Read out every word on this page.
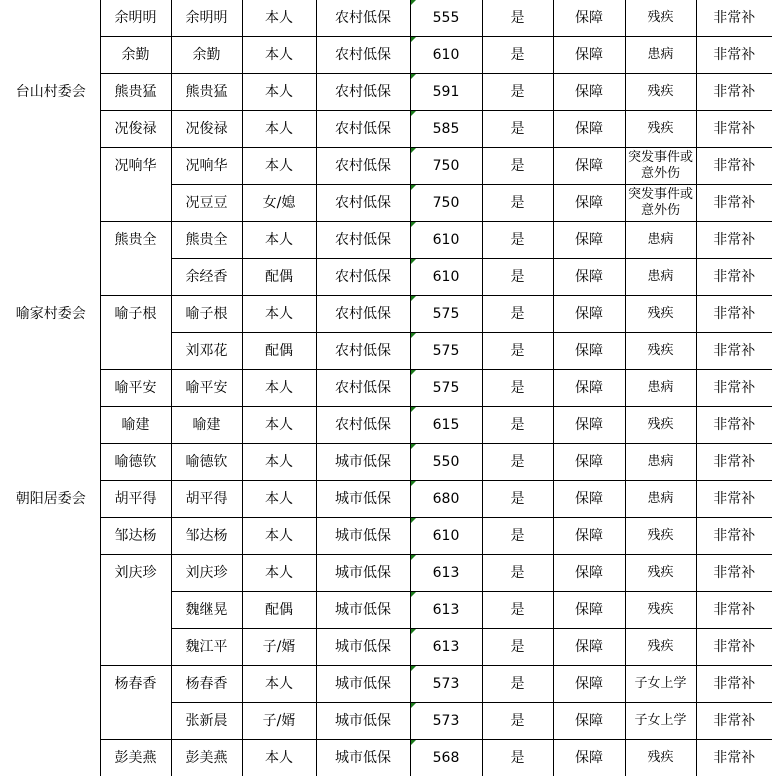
	余明明	余明明	本人	农村低保	555	是	保障	残疾	非常补
	余勤	余勤	本人	农村低保	610	是	保障	患病	非常补
台山村委会	熊贵猛	熊贵猛	本人	农村低保	591	是	保障	残疾	非常补
	况俊禄	况俊禄	本人	农村低保	585	是	保障	残疾	非常补
	况响华	况响华	本人	农村低保	750	是	保障	突发事件或意外伤	非常补
		况豆豆	女/媳	农村低保	750	是	保障	突发事件或意外伤	非常补
	熊贵全	熊贵全	本人	农村低保	610	是	保障	患病	非常补
		余经香	配偶	农村低保	610	是	保障	患病	非常补
喻家村委会	喻子根	喻子根	本人	农村低保	575	是	保障	残疾	非常补
		刘邓花	配偶	农村低保	575	是	保障	残疾	非常补
	喻平安	喻平安	本人	农村低保	575	是	保障	患病	非常补
	喻建	喻建	本人	农村低保	615	是	保障	残疾	非常补
	喻德钦	喻德钦	本人	城市低保	550	是	保障	患病	非常补
朝阳居委会	胡平得	胡平得	本人	城市低保	680	是	保障	患病	非常补
	邹达杨	邹达杨	本人	城市低保	610	是	保障	残疾	非常补
	刘庆珍	刘庆珍	本人	城市低保	613	是	保障	残疾	非常补
		魏继晃	配偶	城市低保	613	是	保障	残疾	非常补
		魏江平	子/婿	城市低保	613	是	保障	残疾	非常补
	杨春香	杨春香	本人	城市低保	573	是	保障	子女上学	非常补
		张新晨	子/婿	城市低保	573	是	保障	子女上学	非常补
	彭美燕	彭美燕	本人	城市低保	568	是	保障	残疾	非常补
